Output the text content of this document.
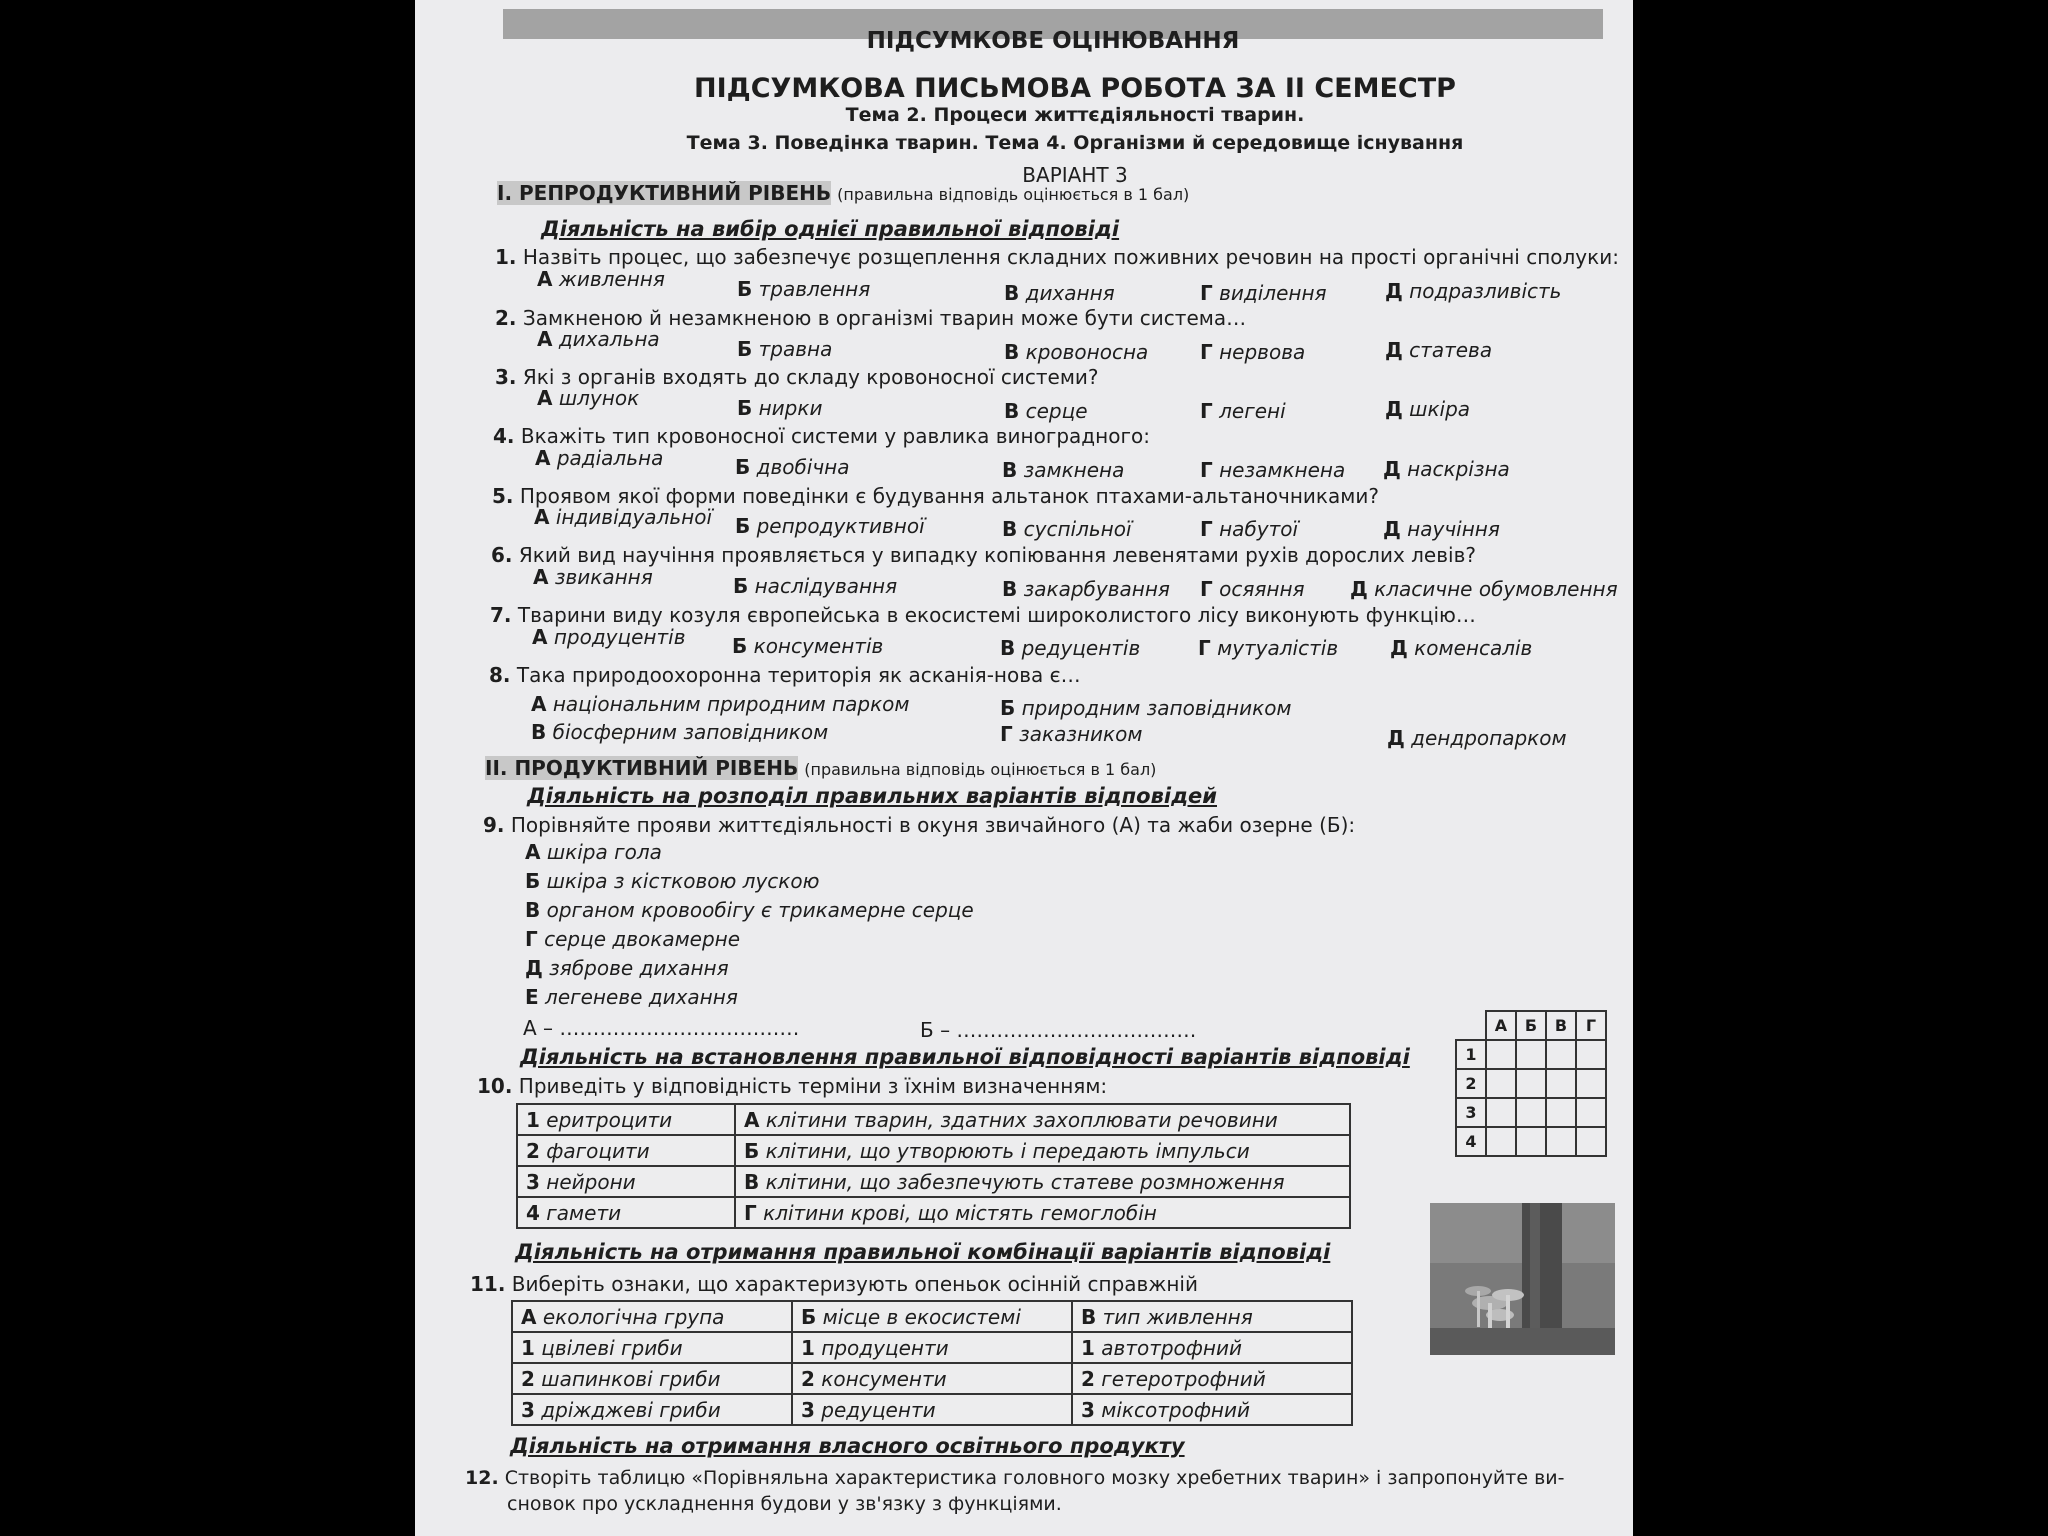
ПІДСУМКОВЕ ОЦІНЮВАННЯ
ПІДСУМКОВА ПИСЬМОВА РОБОТА ЗА ІІ СЕМЕСТР
Тема 2. Процеси життєдіяльності тварин.
Тема 3. Поведінка тварин. Тема 4. Організми й середовище існування
ВАРІАНТ 3
І. РЕПРОДУКТИВНИЙ РІВЕНЬ (правильна відповідь оцінюється в 1 бал)
Діяльність на вибір однієї правильної відповіді
1. Назвіть процес, що забезпечує розщеплення складних поживних речовин на прості органічні сполуки:
А живлення	Б травлення	В дихання	Г виділення	Д подразливість
2. Замкненою й незамкненою в організмі тварин може бути система…
А дихальна	Б травна	В кровоносна	Г нервова	Д статева
3. Які з органів входять до складу кровоносної системи?
А шлунок	Б нирки	В серце	Г легені	Д шкіра
4. Вкажіть тип кровоносної системи у равлика виноградного:
А радіальна	Б двобічна	В замкнена	Г незамкнена Д наскрізна
5. Проявом якої форми поведінки є будування альтанок птахами-альтаночниками?
А індивідуальної Б репродуктивної	В суспільної	Г набутої	Д научіння
6. Який вид научіння проявляється у випадку копіювання левенятами рухів дорослих левів?
А звикання	Б наслідування	В закарбування Г осяяння Д класичне обумовлення
7. Тварини виду козуля європейська в екосистемі широколистого лісу виконують функцію…
А продуцентів Б консументів	В редуцентів	Г мутуалістів	Д коменсалів
8. Така природоохоронна територія як асканія-нова є…
А національним природним парком	Б природним заповідником
В біосферним заповідником	Г заказником	Д дендропарком
ІІ. ПРОДУКТИВНИЙ РІВЕНЬ (правильна відповідь оцінюється в 1 бал)
Діяльність на розподіл правильних варіантів відповідей
9. Порівняйте прояви життєдіяльності в окуня звичайного (А) та жаби озерне (Б):
А шкіра гола
Б шкіра з кістковою лускою
В органом кровообігу є трикамерне серце
Г серце двокамерне
Д зяброве дихання
Е легеневе дихання
А – ………………………………	Б – ………………………………
Діяльність на встановлення правильної відповідності варіантів відповіді
10. Приведіть у відповідність терміни з їхнім визначенням:
1 еритроцити	А клітини тварин, здатних захоплювати речовини
2 фагоцити	Б клітини, що утворюють і передають імпульси
3 нейрони	В клітини, що забезпечують статеве розмноження
4 гамети	Г клітини крові, що містять гемоглобін
	А	Б	В	Г
1				
2				
3				
4				
Діяльність на отримання правильної комбінації варіантів відповіді
11. Виберіть ознаки, що характеризують опеньок осінній справжній
А екологічна група	Б місце в екосистемі	В тип живлення
1 цвілеві гриби	1 продуценти	1 автотрофний
2 шапинкові гриби	2 консументи	2 гетеротрофний
3 дріжджеві гриби	3 редуценти	3 міксотрофний
Діяльність на отримання власного освітнього продукту
12. Створіть таблицю «Порівняльна характеристика головного мозку хребетних тварин» і запропонуйте ви-
сновок про ускладнення будови у зв'язку з функціями.
